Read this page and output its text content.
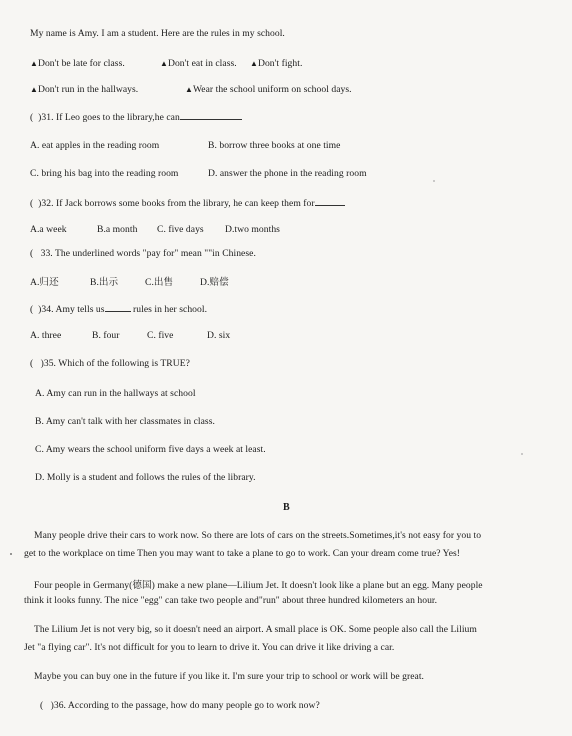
My name is Amy. I am a student. Here are the rules in my school.
▲Don't be late for class.	▲Don't eat in class. ▲Don't fight.
▲Don't run in the hallways.	▲Wear the school uniform on school days.
( )31. If Leo goes to the library,he can
A. eat apples in the reading room	B. borrow three books at one time
C. bring his bag into the reading room	D. answer the phone in the reading room
( )32. If Jack borrows some books from the library, he can keep them for
A.a week	B.a month C. five days D.two months
( 33. The underlined words "pay for" mean ""in Chinese.
A.归还	B.出示	C.出售	D.赔偿
( )34. Amy tells us	rules in her school.
A. three	B. four	C. five	D. six
( )35. Which of the following is TRUE?
A. Amy can run in the hallways at school
B. Amy can't talk with her classmates in class.
C. Amy wears the school uniform five days a week at least.
D. Molly is a student and follows the rules of the library.
B
Many people drive their cars to work now. So there are lots of cars on the streets.Sometimes,it's not easy for you to
get to the workplace on time Then you may want to take a plane to go to work. Can your dream come true? Yes!
Four people in Germany(德国) make a new plane—Lilium Jet. It doesn't look like a plane but an egg. Many people
think it looks funny. The nice "egg" can take two people and"run" about three hundred kilometers an hour.
The Lilium Jet is not very big, so it doesn't need an airport. A small place is OK. Some people also call the Lilium
Jet "a flying car". It's not difficult for you to learn to drive it. You can drive it like driving a car.
Maybe you can buy one in the future if you like it. I'm sure your trip to school or work will be great.
( )36. According to the passage, how do many people go to work now?
